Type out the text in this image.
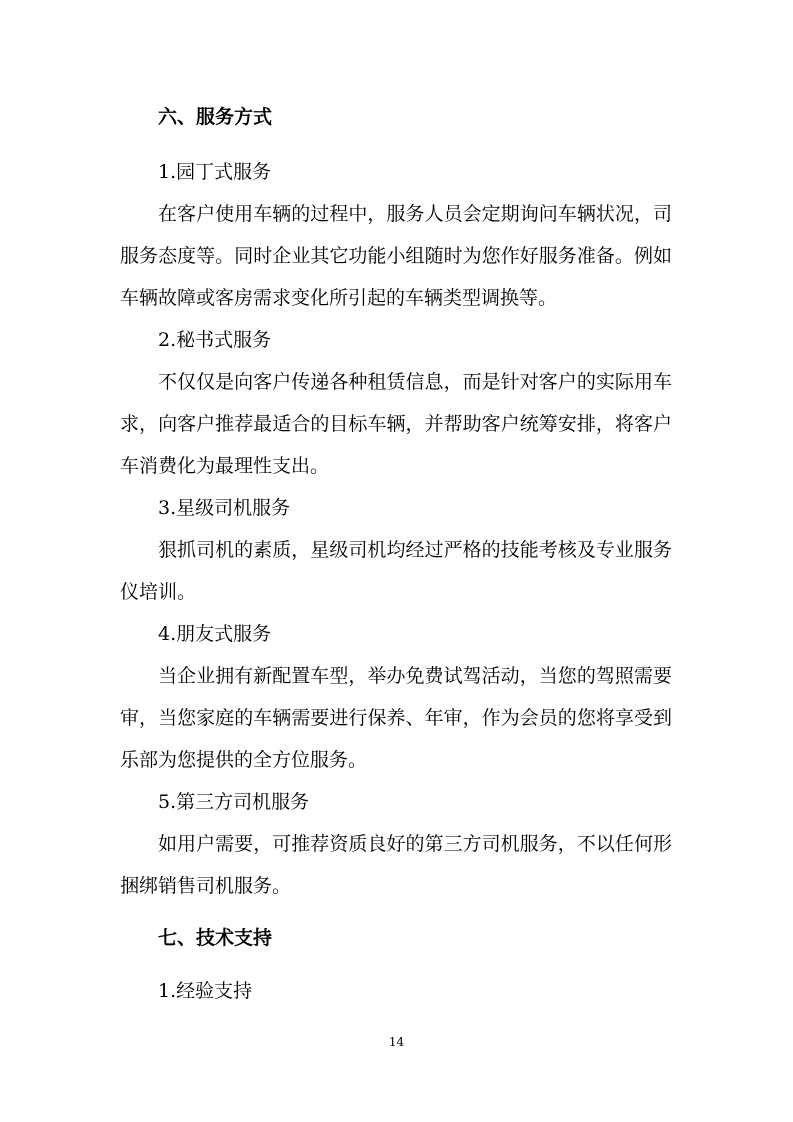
六、服务方式
1.园丁式服务
在客户使用车辆的过程中，服务人员会定期询问车辆状况，司
服务态度等。同时企业其它功能小组随时为您作好服务准备。例如
车辆故障或客房需求变化所引起的车辆类型调换等。
2.秘书式服务
不仅仅是向客户传递各种租赁信息，而是针对客户的实际用车
求，向客户推荐最适合的目标车辆，并帮助客户统筹安排，将客户
车消费化为最理性支出。
3.星级司机服务
狠抓司机的素质，星级司机均经过严格的技能考核及专业服务
仪培训。
4.朋友式服务
当企业拥有新配置车型，举办免费试驾活动，当您的驾照需要
审，当您家庭的车辆需要进行保养、年审，作为会员的您将享受到
乐部为您提供的全方位服务。
5.第三方司机服务
如用户需要，可推荐资质良好的第三方司机服务，不以任何形
捆绑销售司机服务。
七、技术支持
1.经验支持
14
